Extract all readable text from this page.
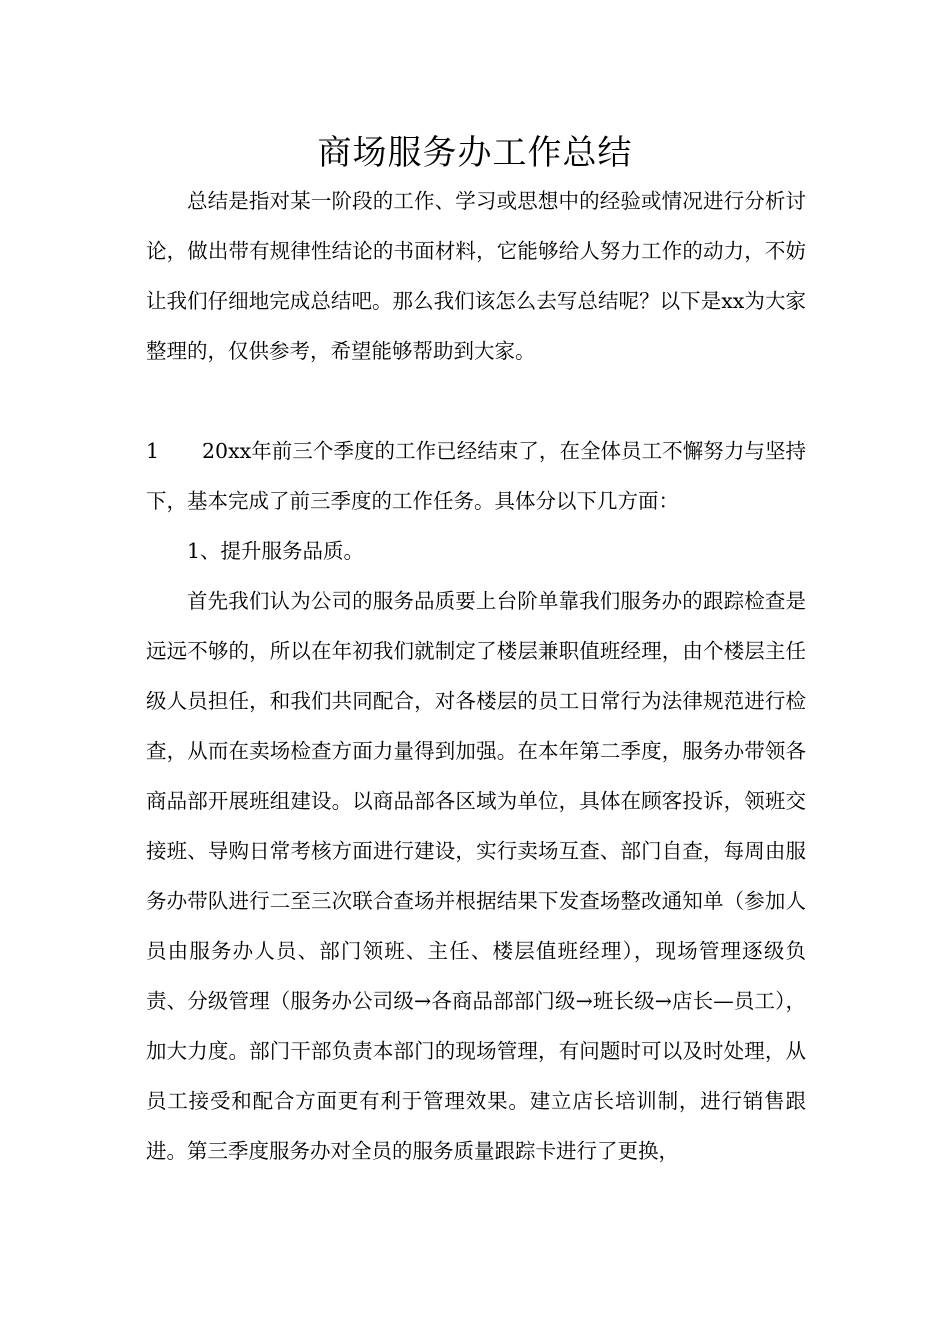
商场服务办工作总结

总结是指对某一阶段的工作、学习或思想中的经验或情况进行分析讨论，做出带有规律性结论的书面材料，它能够给人努力工作的动力，不妨让我们仔细地完成总结吧。那么我们该怎么去写总结呢？以下是xx为大家整理的，仅供参考，希望能够帮助到大家。

1 20xx年前三个季度的工作已经结束了，在全体员工不懈努力与坚持下，基本完成了前三季度的工作任务。具体分以下几方面：

1、提升服务品质。

首先我们认为公司的服务品质要上台阶单靠我们服务办的跟踪检查是远远不够的，所以在年初我们就制定了楼层兼职值班经理，由个楼层主任级人员担任，和我们共同配合，对各楼层的员工日常行为法律规范进行检查，从而在卖场检查方面力量得到加强。在本年第二季度，服务办带领各商品部开展班组建设。以商品部各区域为单位，具体在顾客投诉，领班交接班、导购日常考核方面进行建设，实行卖场互查、部门自查，每周由服务办带队进行二至三次联合查场并根据结果下发查场整改通知单（参加人员由服务办人员、部门领班、主任、楼层值班经理），现场管理逐级负责、分级管理（服务办公司级→各商品部部门级→班长级→店长—员工），加大力度。部门干部负责本部门的现场管理，有问题时可以及时处理，从员工接受和配合方面更有利于管理效果。建立店长培训制，进行销售跟进。第三季度服务办对全员的服务质量跟踪卡进行了更换，
